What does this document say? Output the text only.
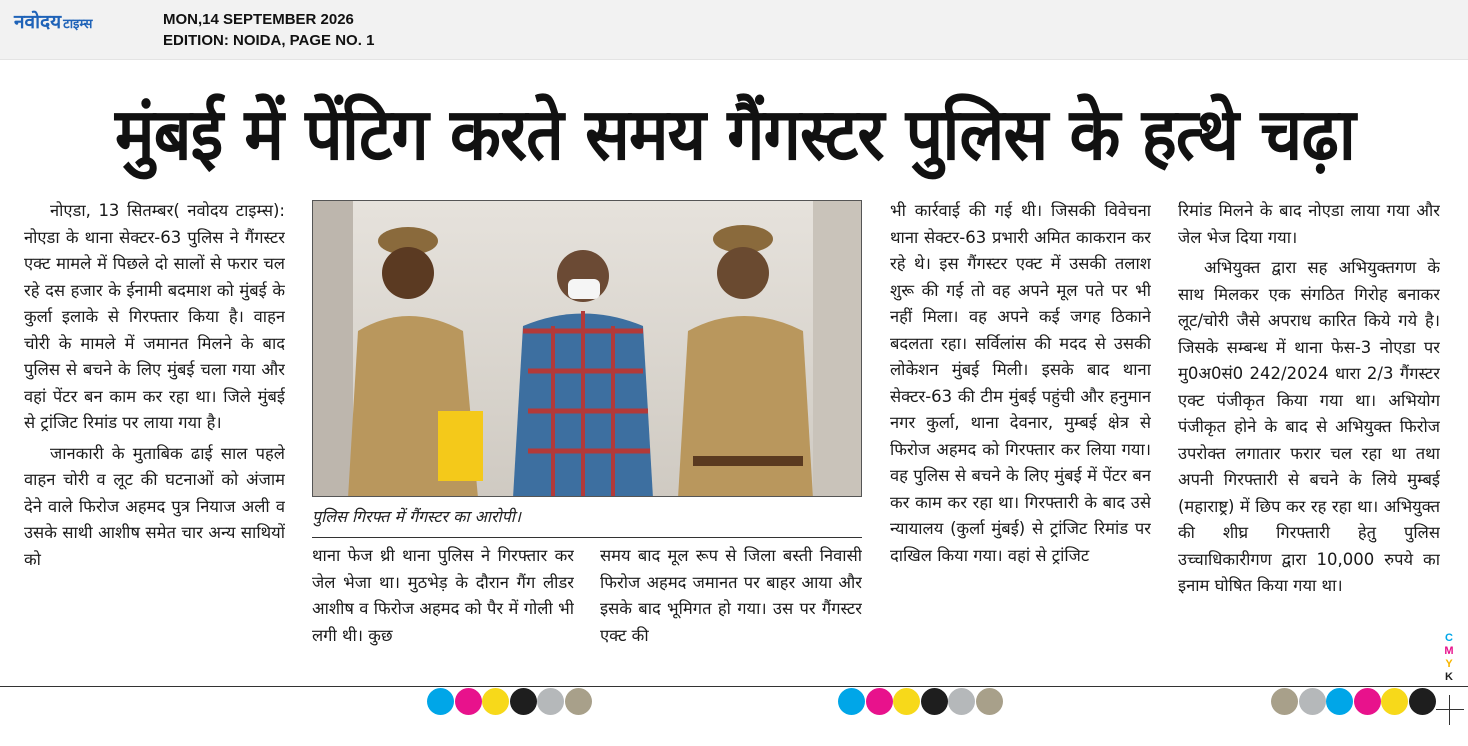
नवोदय टाइम्स	MON,14 SEPTEMBER 2026
EDITION: NOIDA, PAGE NO. 1
मुंबई में पेंटिग करते समय गैंगस्टर पुलिस के हत्थे चढ़ा

नोएडा, 13 सितम्बर( नवोदय टाइम्स): नोएडा के थाना सेक्टर-63 पुलिस ने गैंगस्टर एक्ट मामले में पिछले दो सालों से फरार चल रहे दस हजार के ईनामी बदमाश को मुंबई के कुर्ला इलाके से गिरफ्तार किया है। वाहन चोरी के मामले में जमानत मिलने के बाद पुलिस से बचने के लिए मुंबई चला गया और वहां पेंटर बन काम कर रहा था। जिले मुंबई से ट्रांजिट रिमांड पर लाया गया है।

जानकारी के मुताबिक ढाई साल पहले वाहन चोरी व लूट की घटनाओं को अंजाम देने वाले फिरोज अहमद पुत्र नियाज अली व उसके साथी आशीष समेत चार अन्य साथियों को

पुलिस गिरफ्त में गैंगस्टर का आरोपी।

थाना फेज थ्री थाना पुलिस ने गिरफ्तार कर जेल भेजा था। मुठभेड़ के दौरान गैंग लीडर आशीष व फिरोज अहमद को पैर में गोली भी लगी थी। कुछ

समय बाद मूल रूप से जिला बस्ती निवासी फिरोज अहमद जमानत पर बाहर आया और इसके बाद भूमिगत हो गया। उस पर गैंगस्टर एक्ट की

भी कार्रवाई की गई थी। जिसकी विवेचना थाना सेक्टर-63 प्रभारी अमित काकरान कर रहे थे। इस गैंगस्टर एक्ट में उसकी तलाश शुरू की गई तो वह अपने मूल पते पर भी नहीं मिला। वह अपने कई जगह ठिकाने बदलता रहा। सर्विलांस की मदद से उसकी लोकेशन मुंबई मिली। इसके बाद थाना सेक्टर-63 की टीम मुंबई पहुंची और हनुमान नगर कुर्ला, थाना देवनार, मुम्बई क्षेत्र से फिरोज अहमद को गिरफ्तार कर लिया गया। वह पुलिस से बचने के लिए मुंबई में पेंटर बन कर काम कर रहा था। गिरफ्तारी के बाद उसे न्यायालय (कुर्ला मुंबई) से ट्रांजिट रिमांड पर दाखिल किया गया। वहां से ट्रांजिट

रिमांड मिलने के बाद नोएडा लाया गया और जेल भेज दिया गया।

अभियुक्त द्वारा सह अभियुक्तगण के साथ मिलकर एक संगठित गिरोह बनाकर लूट/चोरी जैसे अपराध कारित किये गये है। जिसके सम्बन्ध में थाना फेस-3 नोएडा पर मु0अ0सं0 242/2024 धारा 2/3 गैंगस्टर एक्ट पंजीकृत किया गया था। अभियोग पंजीकृत होने के बाद से अभियुक्त फिरोज उपरोक्त लगातार फरार चल रहा था तथा अपनी गिरफ्तारी से बचने के लिये मुम्बई (महाराष्ट्र) में छिप कर रह रहा था। अभियुक्त की शीघ्र गिरफ्तारी हेतु पुलिस उच्चाधिकारीगण द्वारा 10,000 रुपये का इनाम घोषित किया गया था।

C
M
Y
K
